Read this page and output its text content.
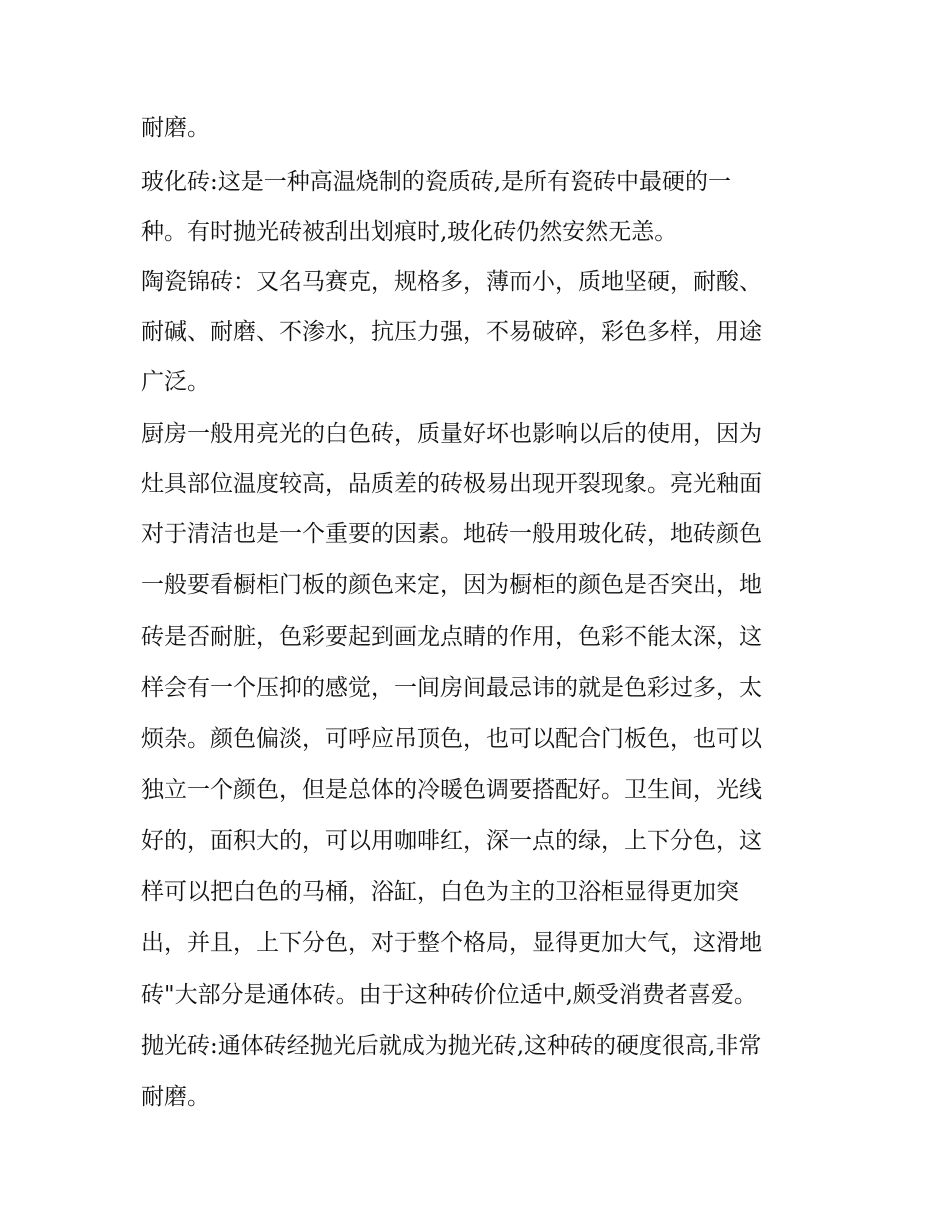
耐磨。
玻化砖:这是一种高温烧制的瓷质砖,是所有瓷砖中最硬的一
种。有时抛光砖被刮出划痕时,玻化砖仍然安然无恙。
陶瓷锦砖：又名马赛克，规格多，薄而小，质地坚硬，耐酸、
耐碱、耐磨、不渗水，抗压力强，不易破碎，彩色多样，用途
广泛。
厨房一般用亮光的白色砖，质量好坏也影响以后的使用，因为
灶具部位温度较高，品质差的砖极易出现开裂现象。亮光釉面
对于清洁也是一个重要的因素。地砖一般用玻化砖，地砖颜色
一般要看橱柜门板的颜色来定，因为橱柜的颜色是否突出，地
砖是否耐脏，色彩要起到画龙点睛的作用，色彩不能太深，这
样会有一个压抑的感觉，一间房间最忌讳的就是色彩过多，太
烦杂。颜色偏淡，可呼应吊顶色，也可以配合门板色，也可以
独立一个颜色，但是总体的冷暖色调要搭配好。卫生间，光线
好的，面积大的，可以用咖啡红，深一点的绿，上下分色，这
样可以把白色的马桶，浴缸，白色为主的卫浴柜显得更加突
出，并且，上下分色，对于整个格局，显得更加大气，这滑地
砖"大部分是通体砖。由于这种砖价位适中,颇受消费者喜爱。
抛光砖:通体砖经抛光后就成为抛光砖,这种砖的硬度很高,非常
耐磨。
